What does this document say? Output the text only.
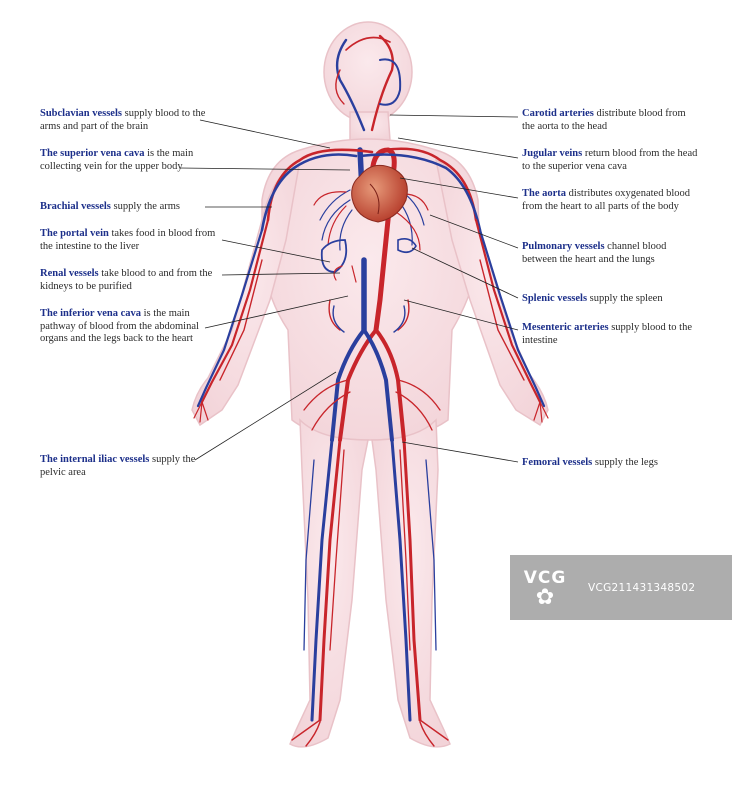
Subclavian vessels supply blood to the arms and part of the brain
The superior vena cava is the main collecting vein for the upper body
Brachial vessels supply the arms
The portal vein takes food in blood from the intestine to the liver
Renal vessels take blood to and from the kidneys to be purified
The inferior vena cava is the main pathway of blood from the abdominal organs and the legs back to the heart
The internal iliac vessels supply the pelvic area
Carotid arteries distribute blood from the aorta to the head
Jugular veins return blood from the head to the superior vena cava
The aorta distributes oxygenated blood from the heart to all parts of the body
Pulmonary vessels channel blood between the heart and the lungs
Splenic vessels supply the spleen
Mesenteric arteries supply blood to the intestine
Femoral vessels supply the legs
VCG
✿	VCG211431348502
